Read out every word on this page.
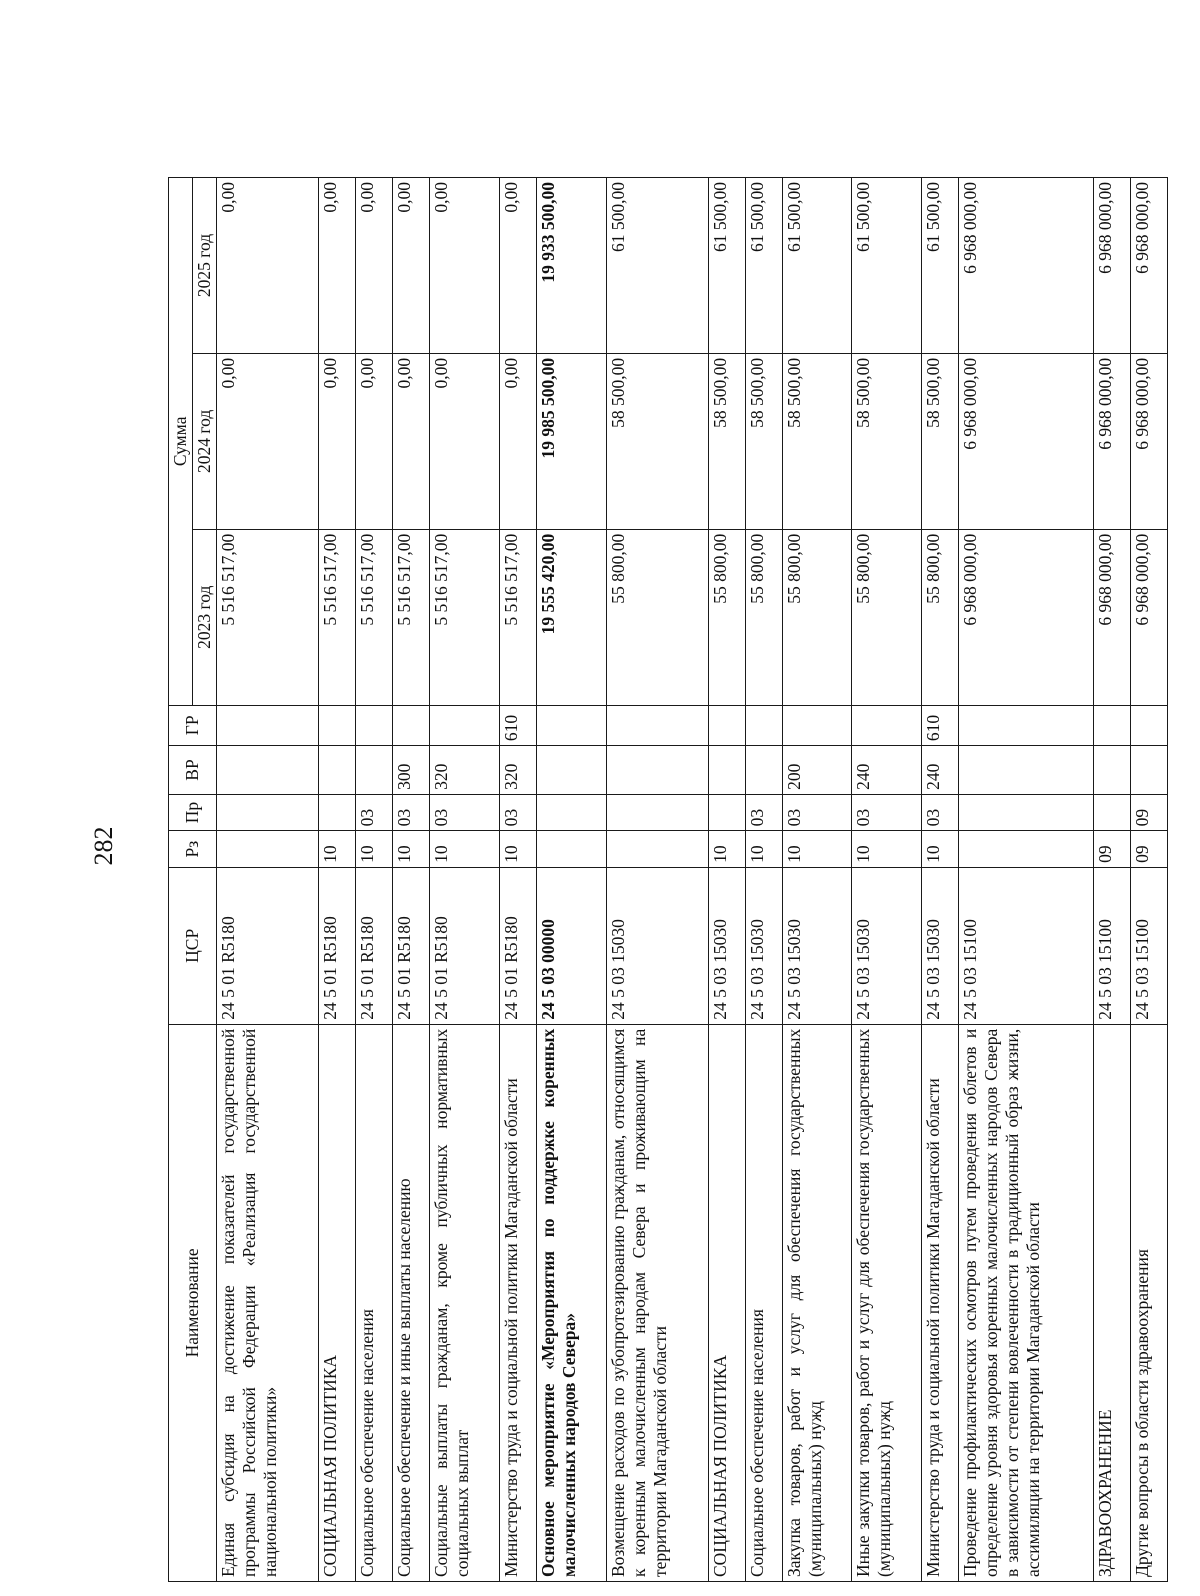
282
Наименование	ЦСР	Рз	Пр	ВР	ГР	Сумма		
						2023 год	2024 год	2025 год
Единая субсидия на достижение показателей государственной программы Российской Федерации «Реализация государственной национальной политики»	24 5 01 R5180					5 516 517,00	0,00	0,00
СОЦИАЛЬНАЯ ПОЛИТИКА	24 5 01 R5180	10				5 516 517,00	0,00	0,00
Социальное обеспечение населения	24 5 01 R5180	10	03			5 516 517,00	0,00	0,00
Социальное обеспечение и иные выплаты населению	24 5 01 R5180	10	03	300		5 516 517,00	0,00	0,00
Социальные выплаты гражданам, кроме публичных нормативных социальных выплат	24 5 01 R5180	10	03	320		5 516 517,00	0,00	0,00
Министерство труда и социальной политики Магаданской области	24 5 01 R5180	10	03	320	610	5 516 517,00	0,00	0,00
Основное мероприятие «Мероприятия по поддержке коренных малочисленных народов Севера»	24 5 03 00000					19 555 420,00	19 985 500,00	19 933 500,00
Возмещение расходов по зубопротезированию гражданам, относящимся к коренным малочисленным народам Севера и проживающим на территории Магаданской области	24 5 03 15030					55 800,00	58 500,00	61 500,00
СОЦИАЛЬНАЯ ПОЛИТИКА	24 5 03 15030	10				55 800,00	58 500,00	61 500,00
Социальное обеспечение населения	24 5 03 15030	10	03			55 800,00	58 500,00	61 500,00
Закупка товаров, работ и услуг для обеспечения государственных (муниципальных) нужд	24 5 03 15030	10	03	200		55 800,00	58 500,00	61 500,00
Иные закупки товаров, работ и услуг для обеспечения государственных (муниципальных) нужд	24 5 03 15030	10	03	240		55 800,00	58 500,00	61 500,00
Министерство труда и социальной политики Магаданской области	24 5 03 15030	10	03	240	610	55 800,00	58 500,00	61 500,00
Проведение профилактических осмотров путем проведения облетов и определение уровня здоровья коренных малочисленных народов Севера в зависимости от степени вовлеченности в традиционный образ жизни, ассимиляции на территории Магаданской области	24 5 03 15100					6 968 000,00	6 968 000,00	6 968 000,00
ЗДРАВООХРАНЕНИЕ	24 5 03 15100	09				6 968 000,00	6 968 000,00	6 968 000,00
Другие вопросы в области здравоохранения	24 5 03 15100	09	09			6 968 000,00	6 968 000,00	6 968 000,00
